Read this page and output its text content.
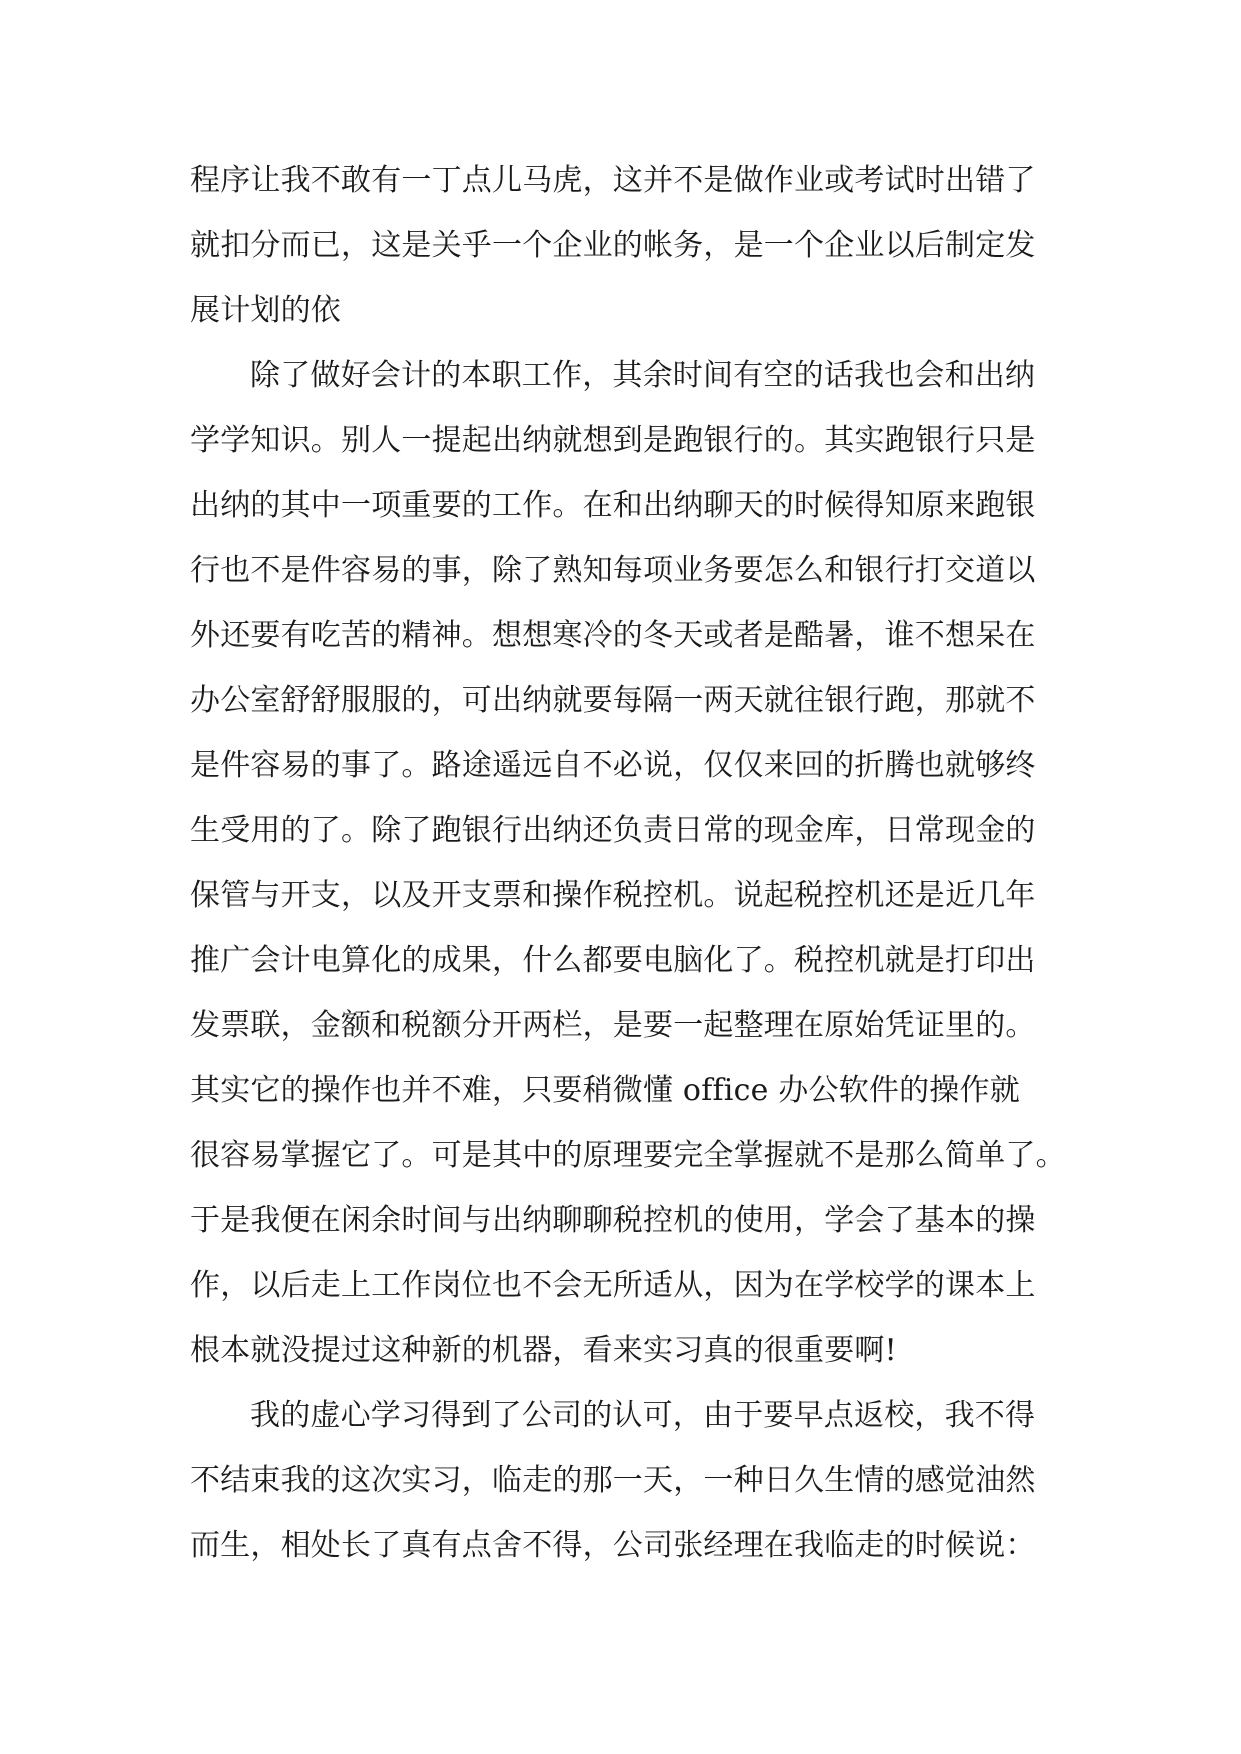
程序让我不敢有一丁点儿马虎，这并不是做作业或考试时出错了
就扣分而已，这是关乎一个企业的帐务，是一个企业以后制定发
展计划的依
除了做好会计的本职工作，其余时间有空的话我也会和出纳
学学知识。别人一提起出纳就想到是跑银行的。其实跑银行只是
出纳的其中一项重要的工作。在和出纳聊天的时候得知原来跑银
行也不是件容易的事，除了熟知每项业务要怎么和银行打交道以
外还要有吃苦的精神。想想寒冷的冬天或者是酷暑，谁不想呆在
办公室舒舒服服的，可出纳就要每隔一两天就往银行跑，那就不
是件容易的事了。路途遥远自不必说，仅仅来回的折腾也就够终
生受用的了。除了跑银行出纳还负责日常的现金库，日常现金的
保管与开支，以及开支票和操作税控机。说起税控机还是近几年
推广会计电算化的成果，什么都要电脑化了。税控机就是打印出
发票联，金额和税额分开两栏，是要一起整理在原始凭证里的。
其实它的操作也并不难，只要稍微懂 office 办公软件的操作就
很容易掌握它了。可是其中的原理要完全掌握就不是那么简单了。
于是我便在闲余时间与出纳聊聊税控机的使用，学会了基本的操
作，以后走上工作岗位也不会无所适从，因为在学校学的课本上
根本就没提过这种新的机器，看来实习真的很重要啊!
我的虚心学习得到了公司的认可，由于要早点返校，我不得
不结束我的这次实习，临走的那一天，一种日久生情的感觉油然
而生，相处长了真有点舍不得，公司张经理在我临走的时候说：
